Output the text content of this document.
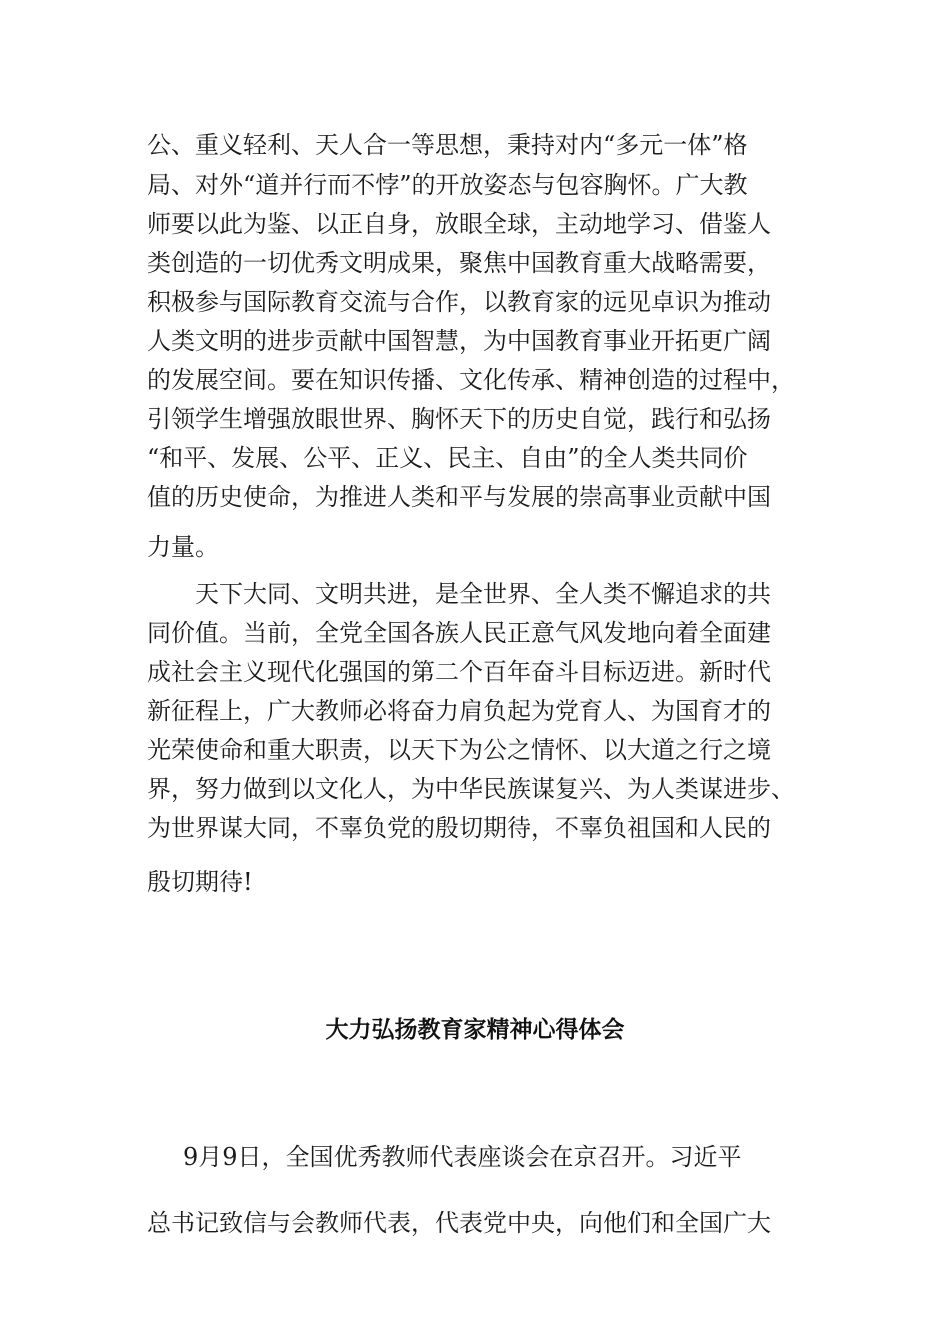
公、重义轻利、天人合一等思想，秉持对内“多元一体”格
局、对外“道并行而不悖”的开放姿态与包容胸怀。广大教
师要以此为鉴、以正自身，放眼全球，主动地学习、借鉴人
类创造的一切优秀文明成果，聚焦中国教育重大战略需要，
积极参与国际教育交流与合作，以教育家的远见卓识为推动
人类文明的进步贡献中国智慧，为中国教育事业开拓更广阔
的发展空间。要在知识传播、文化传承、精神创造的过程中，
引领学生增强放眼世界、胸怀天下的历史自觉，践行和弘扬
“和平、发展、公平、正义、民主、自由”的全人类共同价
值的历史使命，为推进人类和平与发展的崇高事业贡献中国
力量。
天下大同、文明共进，是全世界、全人类不懈追求的共
同价值。当前，全党全国各族人民正意气风发地向着全面建
成社会主义现代化强国的第二个百年奋斗目标迈进。新时代
新征程上，广大教师必将奋力肩负起为党育人、为国育才的
光荣使命和重大职责，以天下为公之情怀、以大道之行之境
界，努力做到以文化人，为中华民族谋复兴、为人类谋进步、
为世界谋大同，不辜负党的殷切期待，不辜负祖国和人民的
殷切期待!
大力弘扬教育家精神心得体会
9月9日，全国优秀教师代表座谈会在京召开。习近平
总书记致信与会教师代表，代表党中央，向他们和全国广大
